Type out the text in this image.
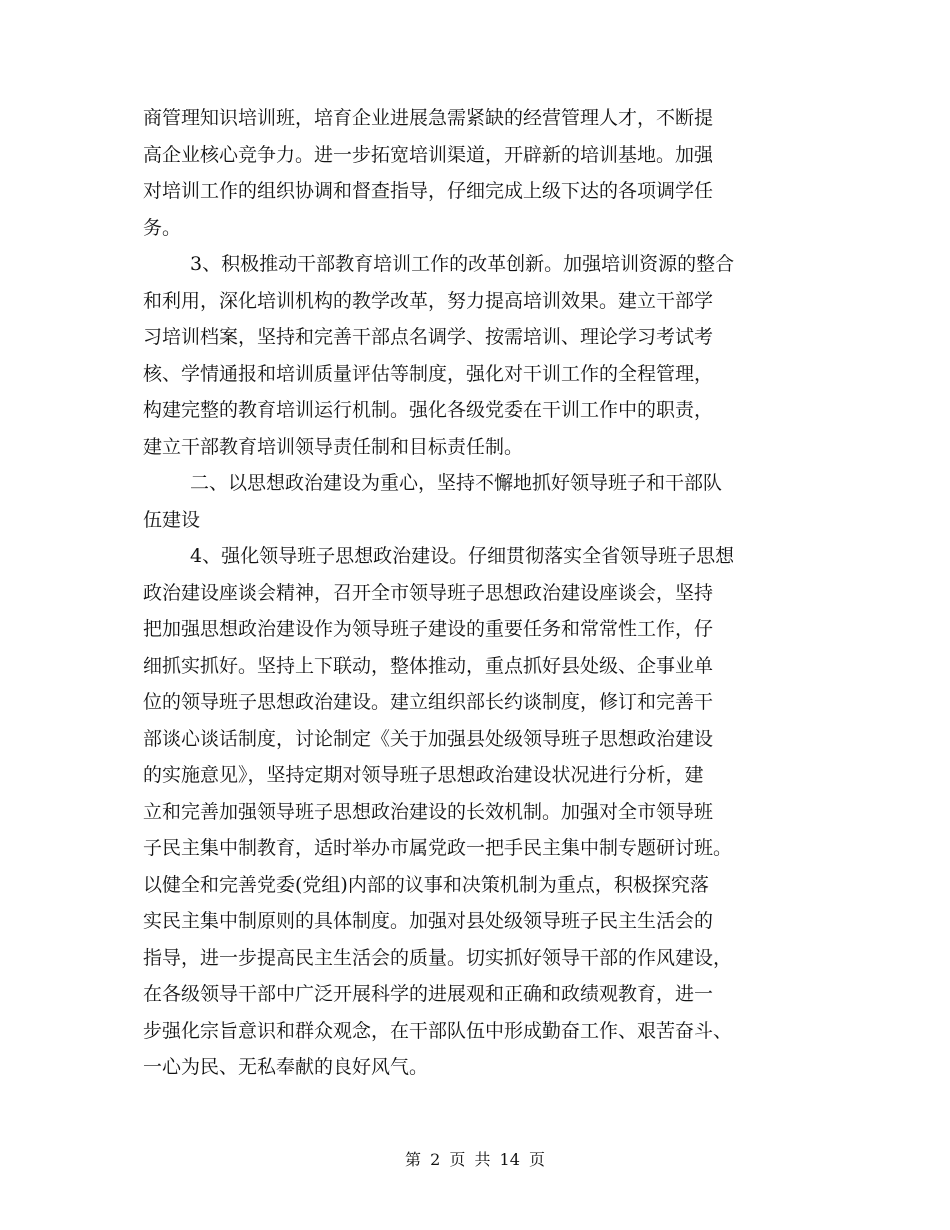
商管理知识培训班，培育企业进展急需紧缺的经营管理人才，不断提
高企业核心竞争力。进一步拓宽培训渠道，开辟新的培训基地。加强
对培训工作的组织协调和督查指导，仔细完成上级下达的各项调学任
务。
3、积极推动干部教育培训工作的改革创新。加强培训资源的整合
和利用，深化培训机构的教学改革，努力提高培训效果。建立干部学
习培训档案，坚持和完善干部点名调学、按需培训、理论学习考试考
核、学情通报和培训质量评估等制度，强化对干训工作的全程管理，
构建完整的教育培训运行机制。强化各级党委在干训工作中的职责，
建立干部教育培训领导责任制和目标责任制。
二、以思想政治建设为重心，坚持不懈地抓好领导班子和干部队
伍建设
4、强化领导班子思想政治建设。仔细贯彻落实全省领导班子思想
政治建设座谈会精神，召开全市领导班子思想政治建设座谈会，坚持
把加强思想政治建设作为领导班子建设的重要任务和常常性工作，仔
细抓实抓好。坚持上下联动，整体推动，重点抓好县处级、企事业单
位的领导班子思想政治建设。建立组织部长约谈制度，修订和完善干
部谈心谈话制度，讨论制定《关于加强县处级领导班子思想政治建设
的实施意见》，坚持定期对领导班子思想政治建设状况进行分析，建
立和完善加强领导班子思想政治建设的长效机制。加强对全市领导班
子民主集中制教育，适时举办市属党政一把手民主集中制专题研讨班。
以健全和完善党委(党组)内部的议事和决策机制为重点，积极探究落
实民主集中制原则的具体制度。加强对县处级领导班子民主生活会的
指导，进一步提高民主生活会的质量。切实抓好领导干部的作风建设，
在各级领导干部中广泛开展科学的进展观和正确和政绩观教育，进一
步强化宗旨意识和群众观念，在干部队伍中形成勤奋工作、艰苦奋斗、
一心为民、无私奉献的良好风气。
第 2 页 共 14 页
